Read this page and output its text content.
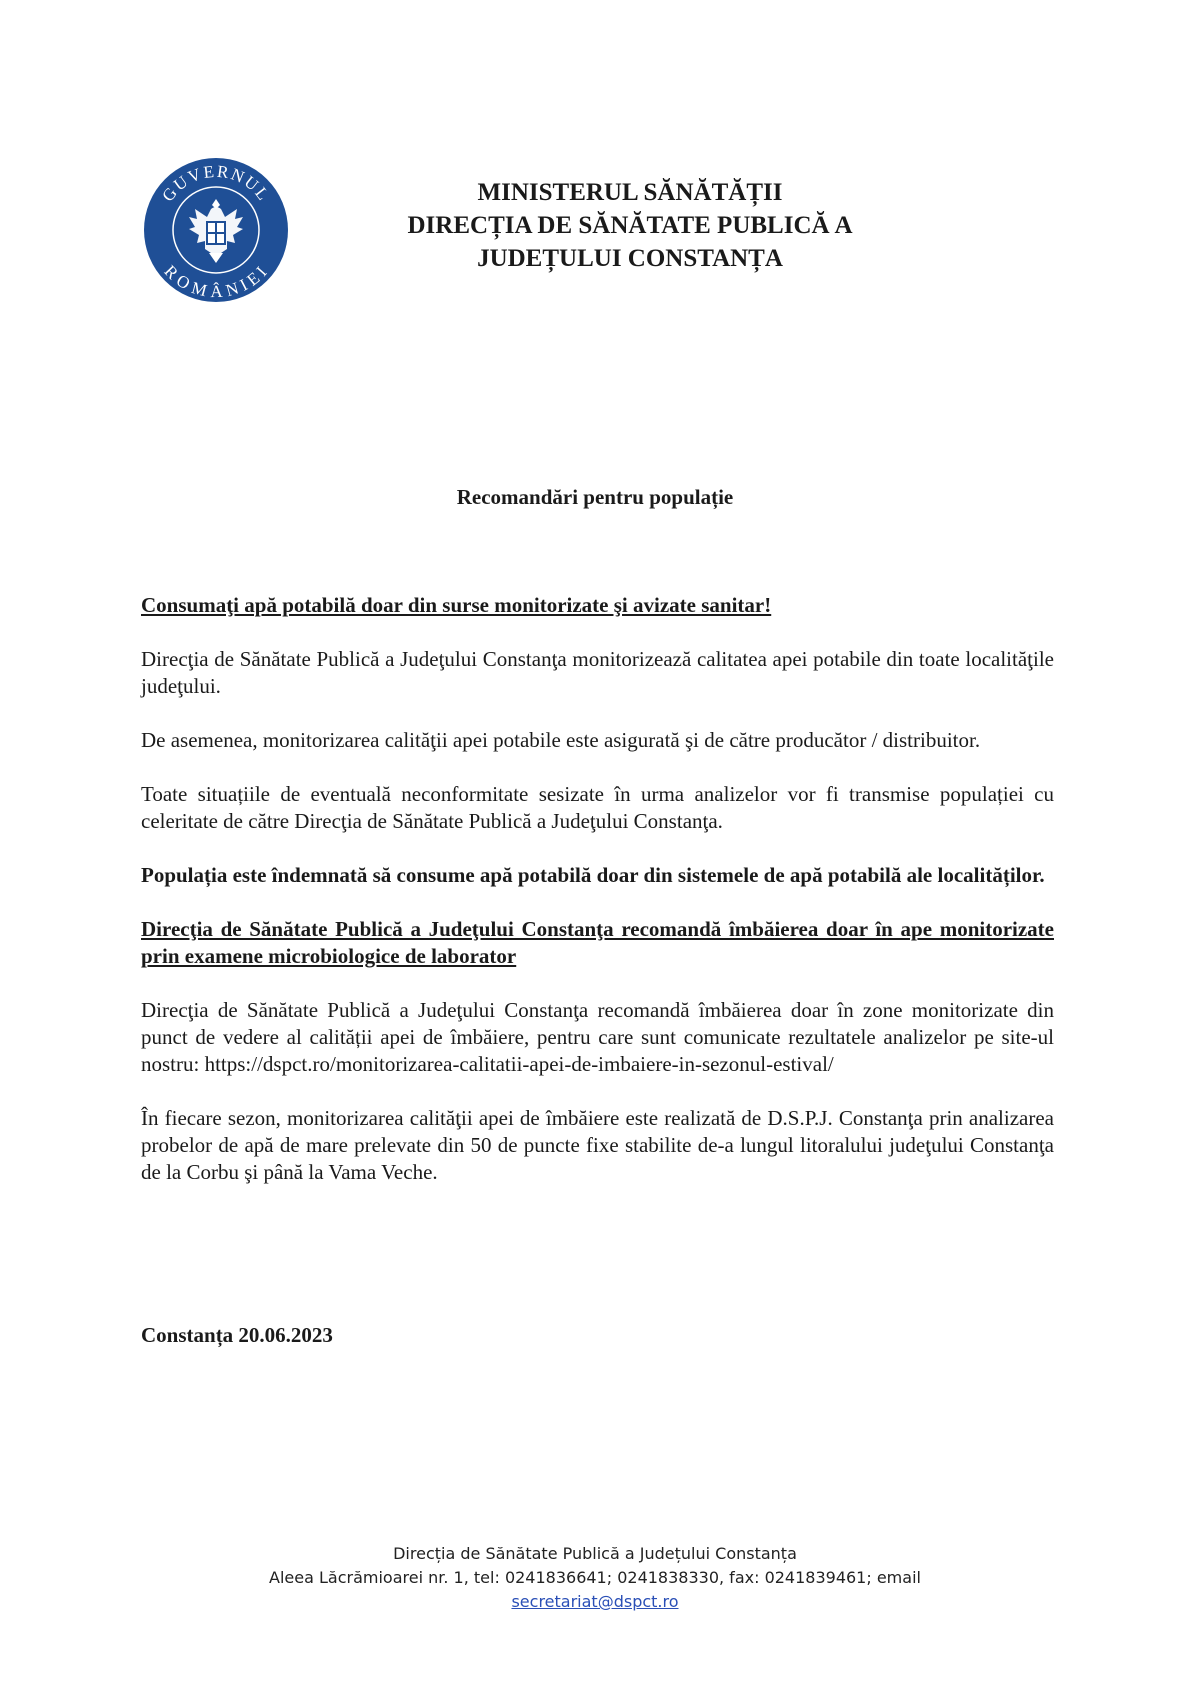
GUVERNUL
ROMÂNIEI
MINISTERUL SĂNĂTĂȚII
DIRECȚIA DE SĂNĂTATE PUBLICĂ A
JUDEȚULUI CONSTANȚA
Recomandări pentru populație

Consumaţi apă potabilă doar din surse monitorizate şi avizate sanitar!

Direcţia de Sănătate Publică a Judeţului Constanţa monitorizează calitatea apei potabile din toate localităţile judeţului.

De asemenea, monitorizarea calităţii apei potabile este asigurată şi de către producător / distribuitor.

Toate situațiile de eventuală neconformitate sesizate în urma analizelor vor fi transmise populației cu celeritate de către Direcţia de Sănătate Publică a Judeţului Constanţa.

Populația este îndemnată să consume apă potabilă doar din sistemele de apă potabilă ale localităților.

Direcţia de Sănătate Publică a Judeţului Constanţa recomandă îmbăierea doar în ape monitorizate prin examene microbiologice de laborator

Direcţia de Sănătate Publică a Judeţului Constanţa recomandă îmbăierea doar în zone monitorizate din punct de vedere al calității apei de îmbăiere, pentru care sunt comunicate rezultatele analizelor pe site-ul nostru: https://dspct.ro/monitorizarea-calitatii-apei-de-imbaiere-in-sezonul-estival/

În fiecare sezon, monitorizarea calităţii apei de îmbăiere este realizată de D.S.P.J. Constanţa prin analizarea probelor de apă de mare prelevate din 50 de puncte fixe stabilite de-a lungul litoralului judeţului Constanţa de la Corbu şi până la Vama Veche.

Constanța 20.06.2023
Direcția de Sănătate Publică a Județului Constanța
Aleea Lăcrămioarei nr. 1, tel: 0241836641; 0241838330, fax: 0241839461; email
secretariat@dspct.ro
